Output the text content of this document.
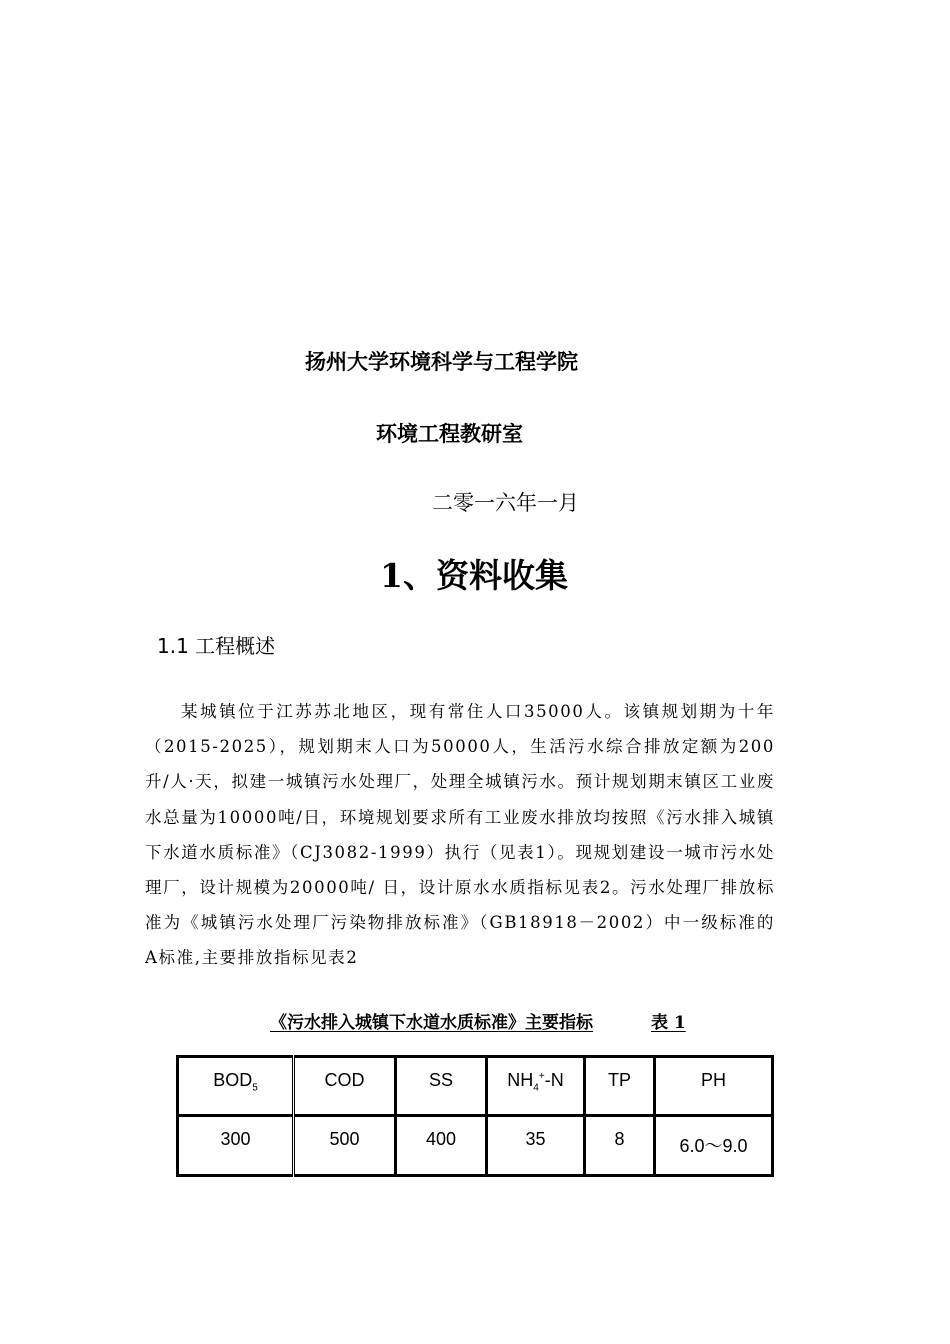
扬州大学环境科学与工程学院
环境工程教研室
二零一六年一月
1、资料收集
1.1 工程概述

某城镇位于江苏苏北地区，现有常住人口35000人。该镇规划期为十年（2015-2025），规划期末人口为50000人，生活污水综合排放定额为200升/人·天，拟建一城镇污水处理厂，处理全城镇污水。预计规划期末镇区工业废水总量为10000吨/日，环境规划要求所有工业废水排放均按照《污水排入城镇下水道水质标准》（CJ3082-1999）执行（见表1）。现规划建设一城市污水处理厂，设计规模为20000吨/ 日，设计原水水质指标见表2。污水处理厂排放标准为《城镇污水处理厂污染物排放标准》（GB18918－2002）中一级标准的A标准,主要排放指标见表2

《污水排入城镇下水道水质标准》主要指标	表 1
$BOD_5$	COD	SS	$NH_4^+-N$	TP	PH
300	500	400	35	8	6.0～9.0
